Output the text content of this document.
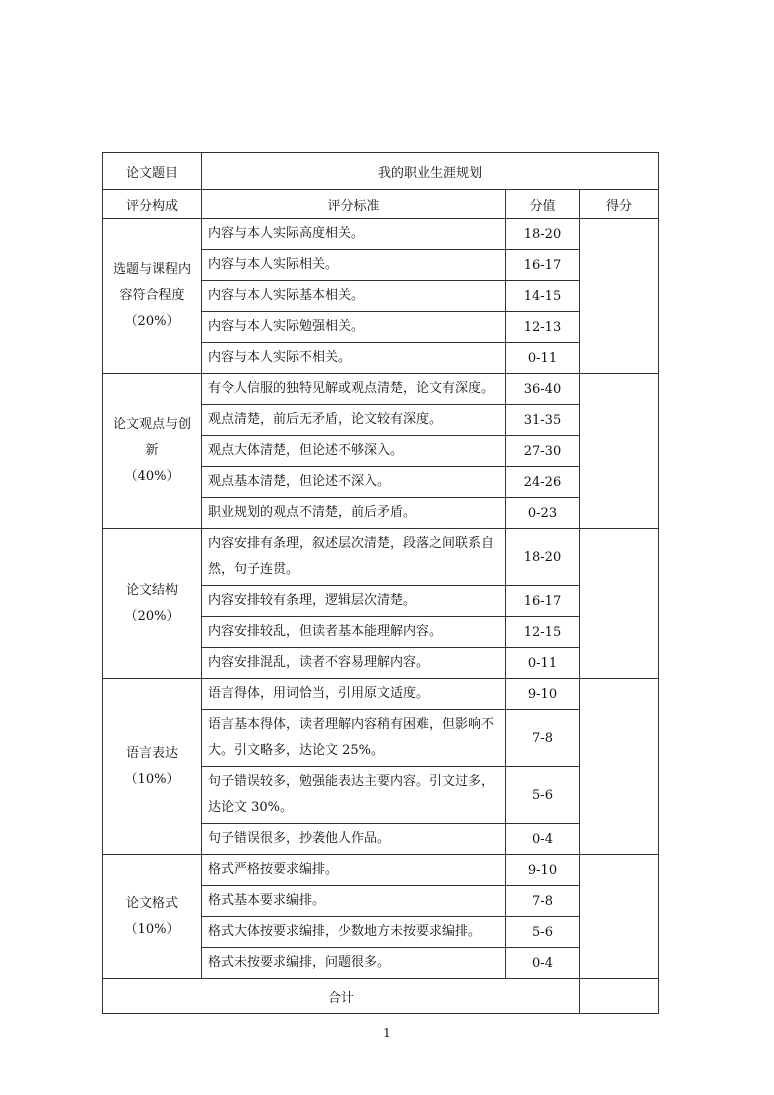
论文题目	我的职业生涯规划		
评分构成	评分标准	分值	得分
选题与课程内容符合程度
（20%）	内容与本人实际高度相关。	18-20	
	内容与本人实际相关。	16-17	
	内容与本人实际基本相关。	14-15	
	内容与本人实际勉强相关。	12-13	
	内容与本人实际不相关。	0-11	
论文观点与创新
（40%）	有令人信服的独特见解或观点清楚，论文有深度。	36-40	
	观点清楚，前后无矛盾，论文较有深度。	31-35	
	观点大体清楚，但论述不够深入。	27-30	
	观点基本清楚，但论述不深入。	24-26	
	职业规划的观点不清楚，前后矛盾。	0-23	
论文结构
（20%）	内容安排有条理，叙述层次清楚，段落之间联系自然，句子连贯。	18-20	
	内容安排较有条理，逻辑层次清楚。	16-17	
	内容安排较乱，但读者基本能理解内容。	12-15	
	内容安排混乱，读者不容易理解内容。	0-11	
语言表达
（10%）	语言得体，用词恰当，引用原文适度。	9-10	
	语言基本得体，读者理解内容稍有困难，但影响不大。引文略多，达论文 25%。	7-8	
	句子错误较多，勉强能表达主要内容。引文过多，达论文 30%。	5-6	
	句子错误很多，抄袭他人作品。	0-4	
论文格式
（10%）	格式严格按要求编排。	9-10	
	格式基本要求编排。	7-8	
	格式大体按要求编排，少数地方未按要求编排。	5-6	
	格式未按要求编排，问题很多。	0-4	
合计			
1
